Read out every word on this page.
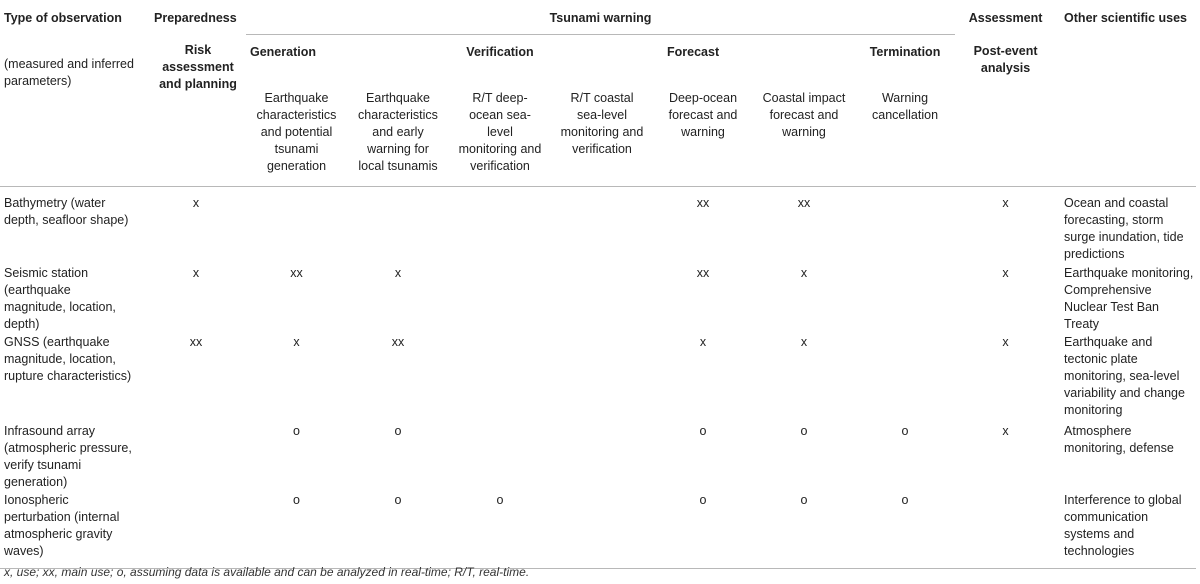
Type of observation	Preparedness	Tsunami warning							Assessment	Other scientific uses
(measured and inferred parameters)	Risk assessment and planning	Generation		Verification		Forecast		Termination	Post-event analysis	
		Earthquake characteristics and potential tsunami generation	Earthquake characteristics and early warning for local tsunamis	R/T deep-ocean sea-level monitoring and verification	R/T coastal sea-level monitoring and verification	Deep-ocean forecast and warning	Coastal impact forecast and warning	Warning cancellation		
Bathymetry (water depth, seafloor shape)	x					xx	xx		x	Ocean and coastal forecasting, storm surge inundation, tide predictions
Seismic station (earthquake magnitude, location, depth)	x	xx	x			xx	x		x	Earthquake monitoring, Comprehensive Nuclear Test Ban Treaty
GNSS (earthquake magnitude, location, rupture characteristics)	xx	x	xx			x	x		x	Earthquake and tectonic plate monitoring, sea-level variability and change monitoring
Infrasound array (atmospheric pressure, verify tsunami generation)		o	o			o	o	o	x	Atmosphere monitoring, defense
Ionospheric perturbation (internal atmospheric gravity waves)		o	o	o		o	o	o		Interference to global communication systems and technologies
x, use; xx, main use; o, assuming data is available and can be analyzed in real-time; R/T, real-time.
